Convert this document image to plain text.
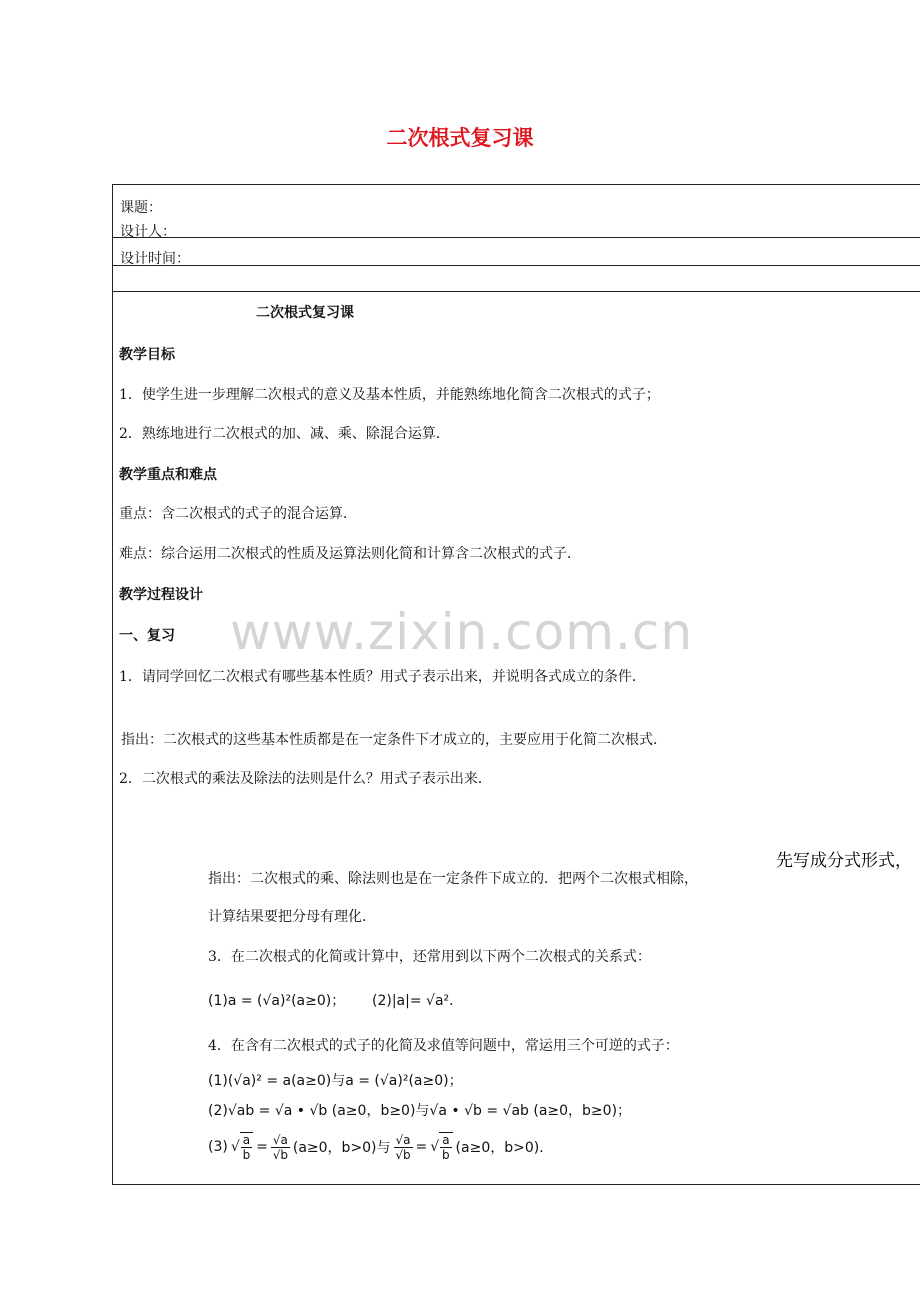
二次根式复习课
课题：
设计人：
设计时间：
二次根式复习课
教学目标
1．使学生进一步理解二次根式的意义及基本性质，并能熟练地化简含二次根式的式子；
2．熟练地进行二次根式的加、减、乘、除混合运算．
教学重点和难点
重点：含二次根式的式子的混合运算．
难点：综合运用二次根式的性质及运算法则化简和计算含二次根式的式子．
教学过程设计
一、复习
1．请同学回忆二次根式有哪些基本性质？用式子表示出来，并说明各式成立的条件．
指出：二次根式的这些基本性质都是在一定条件下才成立的，主要应用于化简二次根式．
2．二次根式的乘法及除法的法则是什么？用式子表示出来．
先写成分式形式，
指出：二次根式的乘、除法则也是在一定条件下成立的．把两个二次根式相除，
计算结果要把分母有理化．
3．在二次根式的化简或计算中，还常用到以下两个二次根式的关系式：
(1)a = (√a)²(a≥0)； (2)|a|= √a²．
4．在含有二次根式的式子的化简及求值等问题中，常运用三个可逆的式子：
(1)(√a)² = a(a≥0)与a = (√a)²(a≥0)；
(2)√ab = √a • √b (a≥0，b≥0)与√a • √b = √ab (a≥0，b≥0)；
(3) √ $\frac{a}{b} = \frac{√a}{√b} (a\ge 0$，b>0)与 $\frac{√a}{√b}$ = √ $\frac{a}{b} (a\ge 0$，b>0)．
www.zixin.com.cn
